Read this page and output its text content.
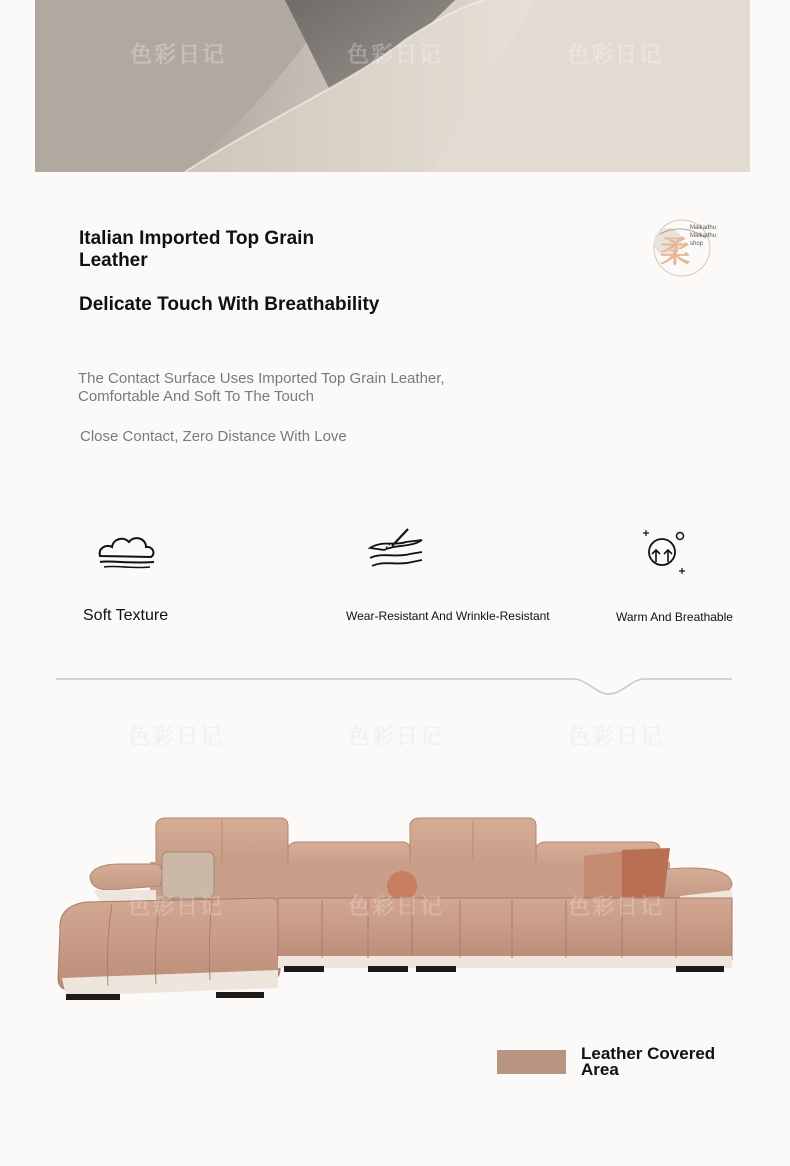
色彩日记	色彩日记	色彩日记
Italian Imported Top Grain Leather
Delicate Touch With Breathability
柔
Maikadhu Maikadhu shop
The Contact Surface Uses Imported Top Grain Leather, Comfortable And Soft To The Touch
Close Contact, Zero Distance With Love
Soft Texture	Wear-Resistant And Wrinkle-Resistant	Warm And Breathable
色彩日记	色彩日记	色彩日记
Leather Covered Area
